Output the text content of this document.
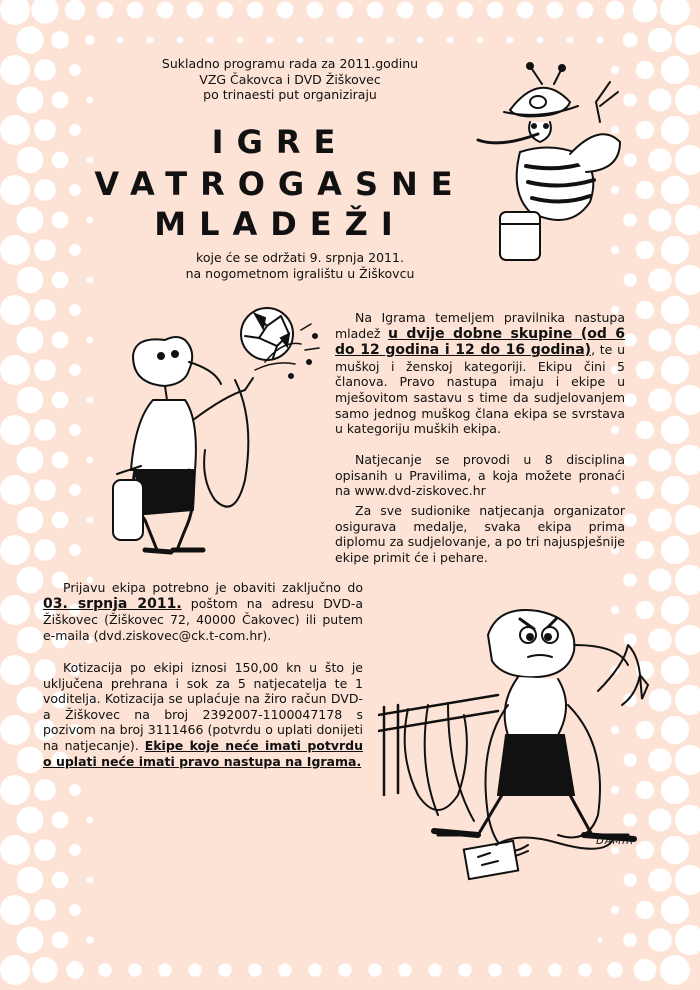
Sukladno programu rada za 2011.godinu
VZG Čakovca i DVD Žiškovec
po trinaesti put organiziraju
IGRE
VATROGASNE
MLADEŽI
koje će se održati 9. srpnja 2011.
na nogometnom igralištu u Žiškovcu
Na Igrama temeljem pravilnika nastupa mladež u dvije dobne skupine (od 6 do 12 godina i 12 do 16 godina), te u muškoj i ženskoj kategoriji. Ekipu čini 5 članova. Pravo nastupa imaju i ekipe u mješovitom sastavu s time da sudjelovanjem samo jednog muškog člana ekipa se svrstava u kategoriju muških ekipa.
Natjecanje se provodi u 8 disciplina opisanih u Pravilima, a koja možete pronaći na www.dvd-ziskovec.hr
Za sve sudionike natjecanja organizator osigurava medalje, svaka ekipa prima diplomu za sudjelovanje, a po tri najuspješnije ekipe primit će i pehare.
Prijavu ekipa potrebno je obaviti zaključno do 03. srpnja 2011. poštom na adresu DVD-a Žiškovec (Žiškovec 72, 40000 Čakovec) ili putem e-maila (dvd.ziskovec@ck.t-com.hr).
Kotizacija po ekipi iznosi 150,00 kn u što je uključena prehrana i sok za 5 natjecatelja te 1 voditelja. Kotizacija se uplaćuje na žiro račun DVD-a Žiškovec na broj 2392007-1100047178 s pozivom na broj 3111466 (potvrdu o uplati donijeti na natjecanje). Ekipe koje neće imati potvrdu o uplati neće imati pravo nastupa na Igrama.
DAMIR
